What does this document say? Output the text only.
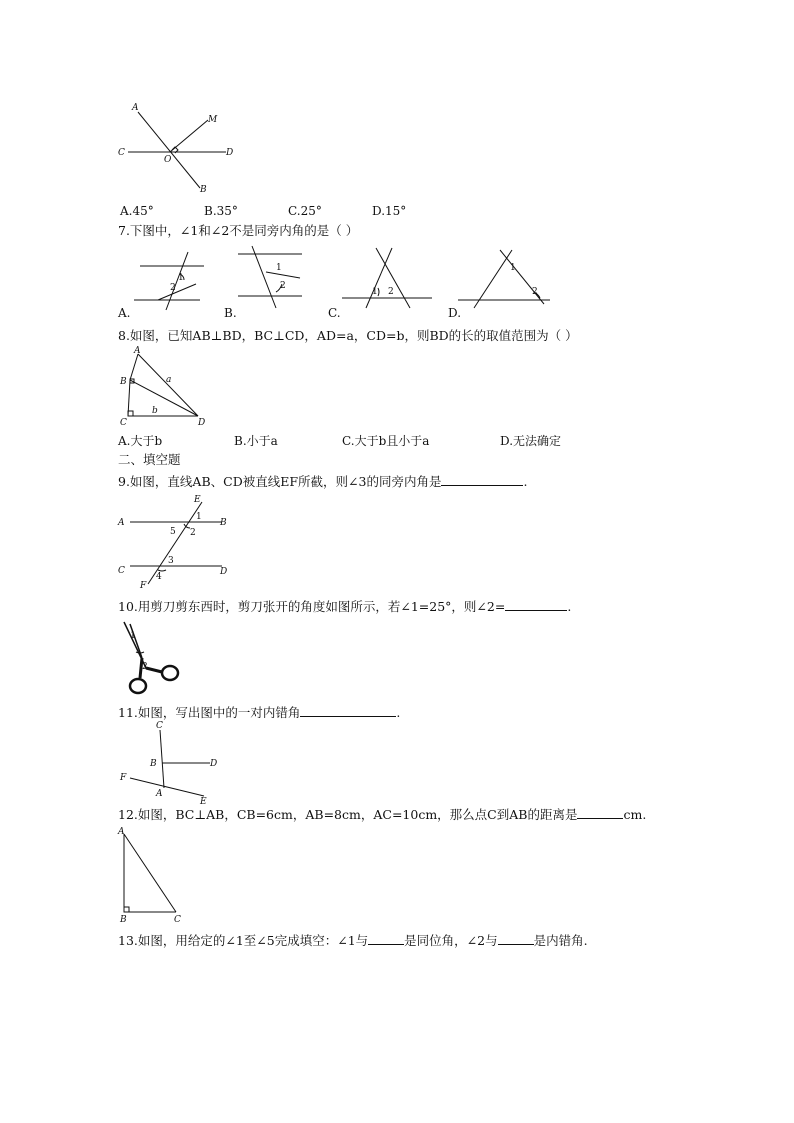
A
M
C
O
D
B
A.45°	B.35°	C.25°	D.15°
7.下图中，∠1和∠2不是同旁内角的是（ ）
1
2
1
2
1 2
1
2
A.	B.	C.	D.
8.如图，已知AB⊥BD，BC⊥CD，AD=a，CD=b，则BD的长的取值范围为（ ）
A
B
C	D
a
b
A.大于b	B.小于a	C.大于b且小于a	D.无法确定
二、填空题
9.如图，直线AB、CD被直线EF所截，则∠3的同旁内角是	.
A	B
C	D
E
F
1
2
5
3
4
10.用剪刀剪东西时，剪刀张开的角度如图所示，若∠1=25°，则∠2=	.
1
2
11.如图，写出图中的一对内错角	.
C
B	D
F
A
E
12.如图，BC⊥AB，CB=6cm，AB=8cm，AC=10cm，那么点C到AB的距离是	cm.
A
B	C
13.如图，用给定的∠1至∠5完成填空：∠1与	是同位角，∠2与	是内错角.
